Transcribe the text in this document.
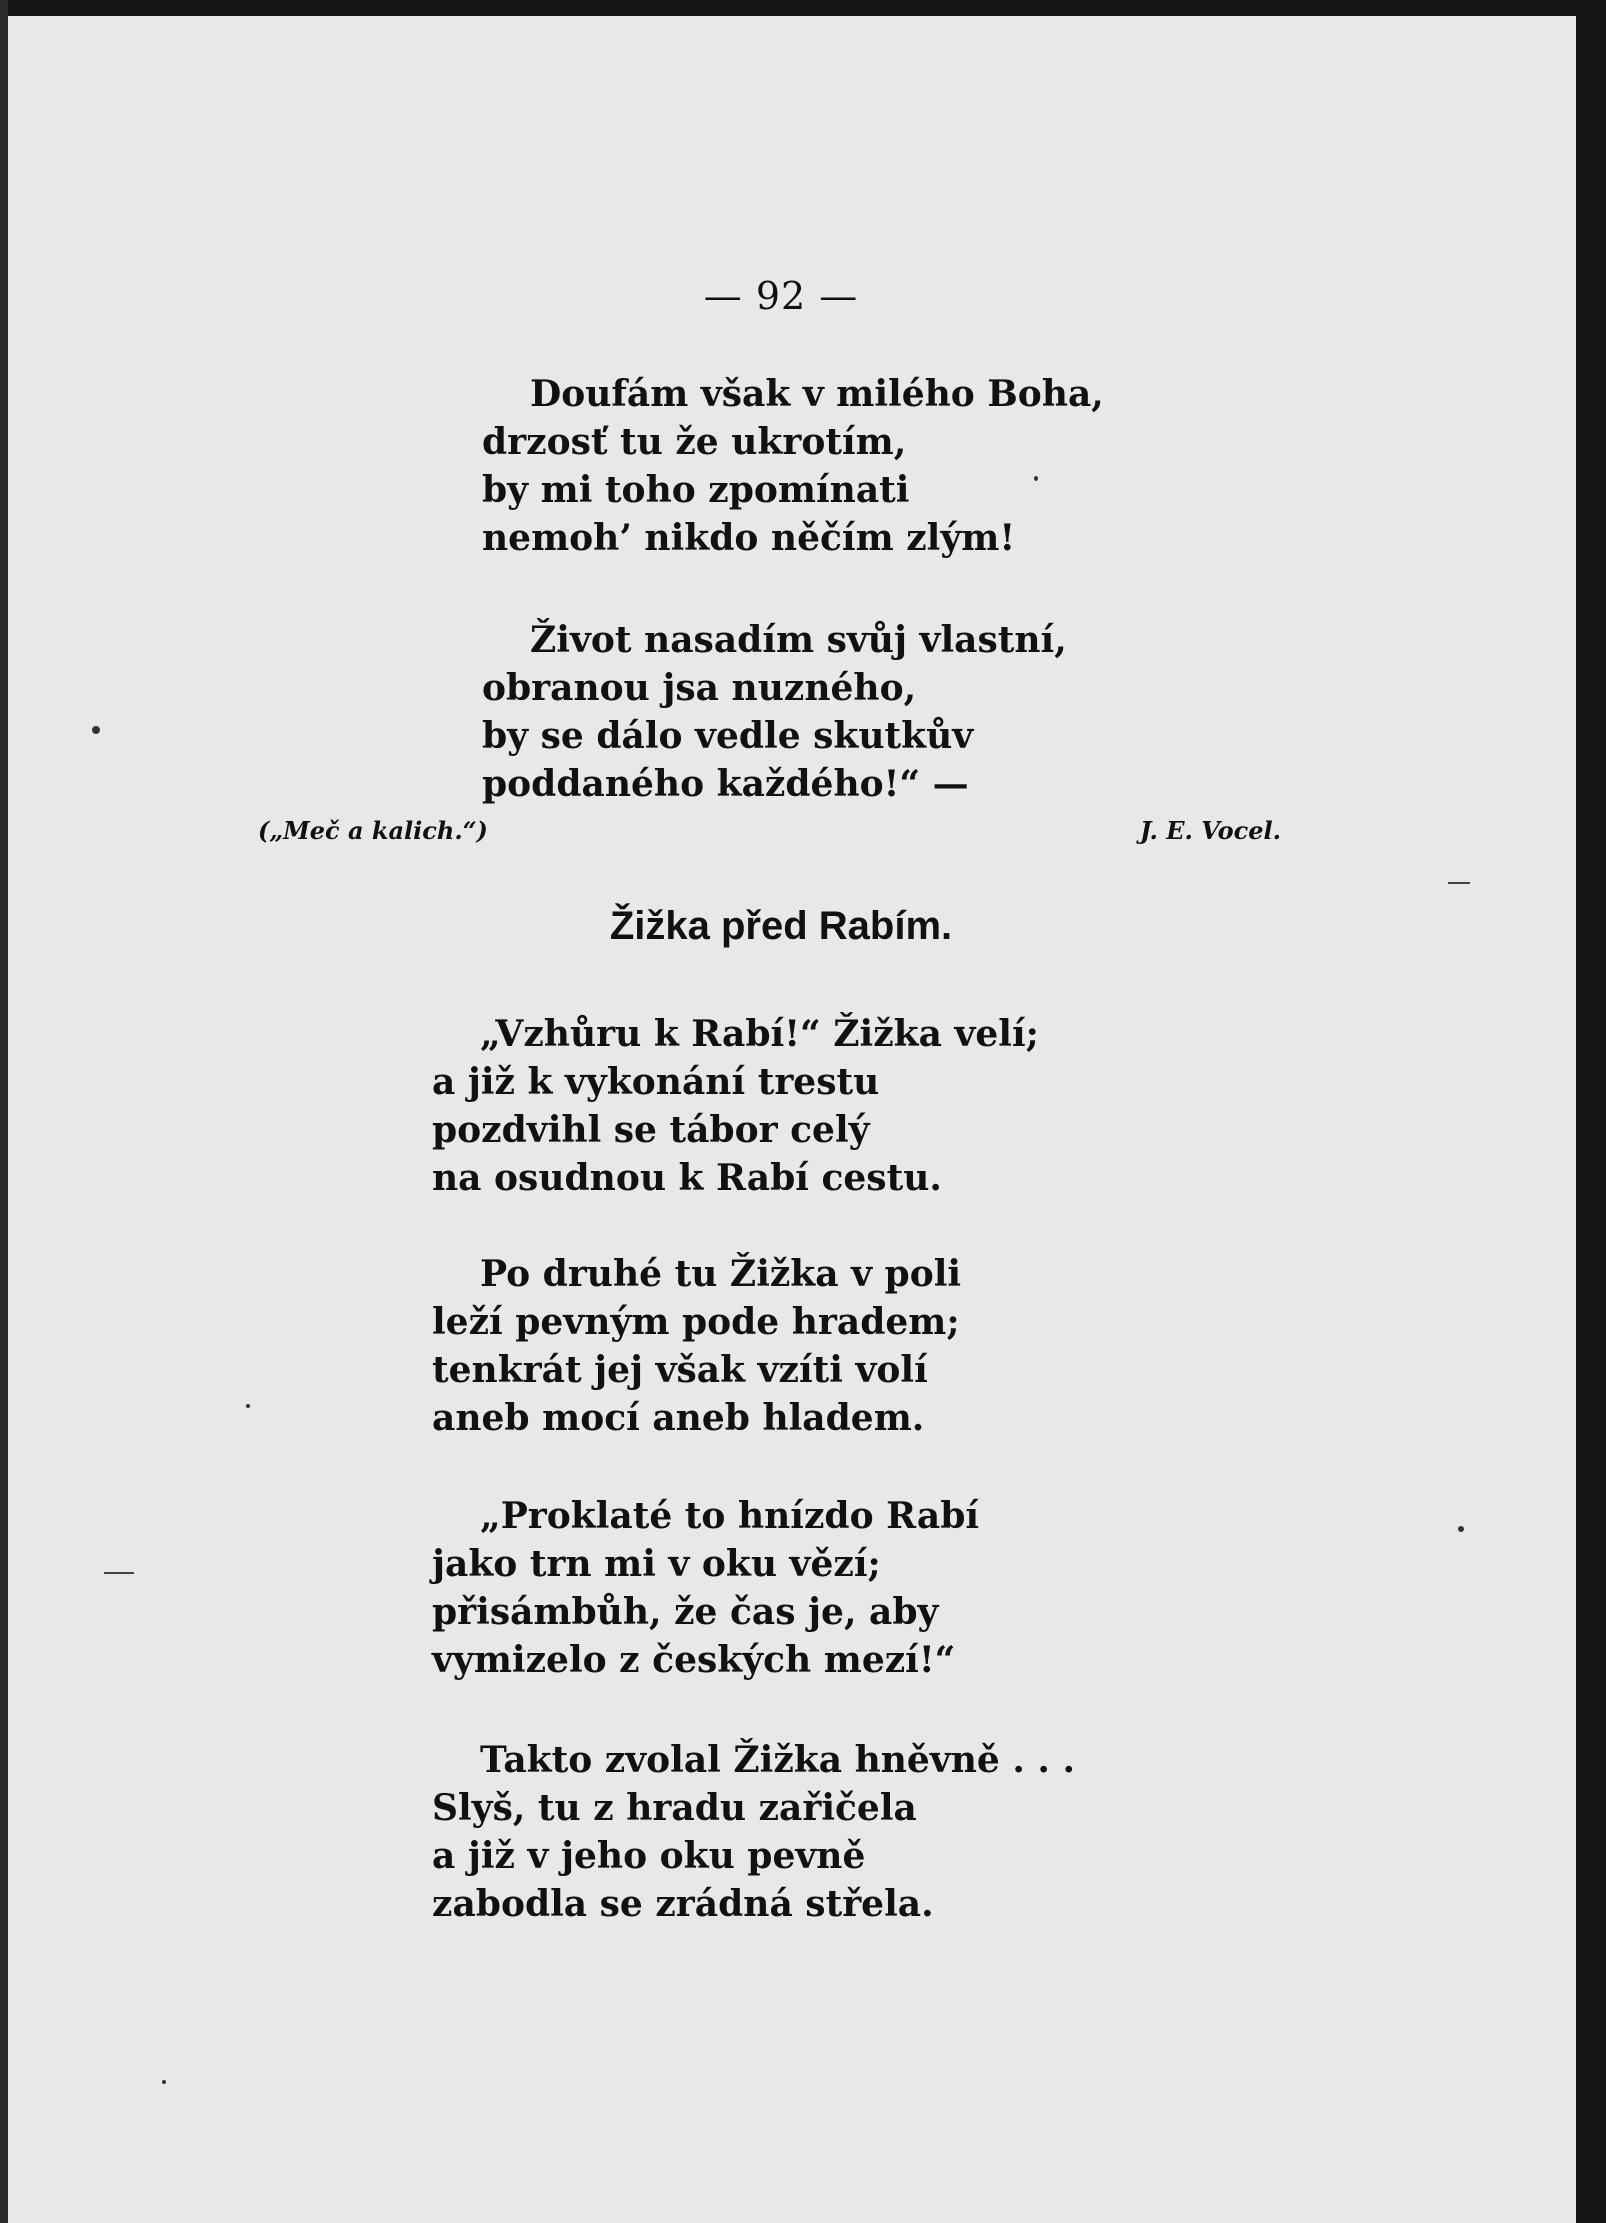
— 92 —
Doufám však v milého Boha,
drzosť tu že ukrotím,
by mi toho zpomínati
nemoh’ nikdo něčím zlým!
Život nasadím svůj vlastní,
obranou jsa nuzného,
by se dálo vedle skutkův
poddaného každého!“ —
(„Meč a kalich.“)	J. E. Vocel.
Žižka před Rabím.
„Vzhůru k Rabí!“ Žižka velí;
a již k vykonání trestu
pozdvihl se tábor celý
na osudnou k Rabí cestu.
Po druhé tu Žižka v poli
leží pevným pode hradem;
tenkrát jej však vzíti volí
aneb mocí aneb hladem.
„Proklaté to hnízdo Rabí
jako trn mi v oku vězí;
přisámbůh, že čas je, aby
vymizelo z českých mezí!“
Takto zvolal Žižka hněvně . . .
Slyš, tu z hradu zařičela
a již v jeho oku pevně
zabodla se zrádná střela.
